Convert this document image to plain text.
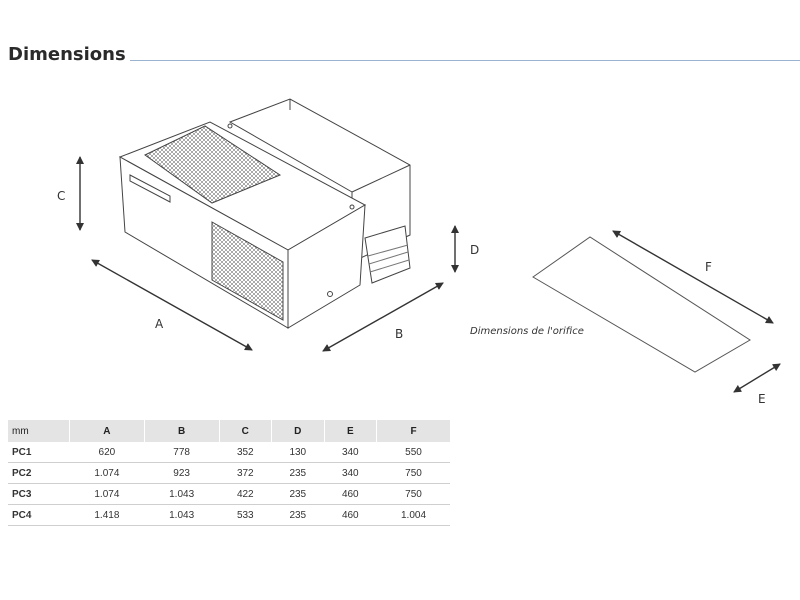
Dimensions
C
A
B
D
F
E
Dimensions de l'orifice
mm	A	B	C	D	E	F
PC1	620	778	352	130	340	550
PC2	1.074	923	372	235	340	750
PC3	1.074	1.043	422	235	460	750
PC4	1.418	1.043	533	235	460	1.004
